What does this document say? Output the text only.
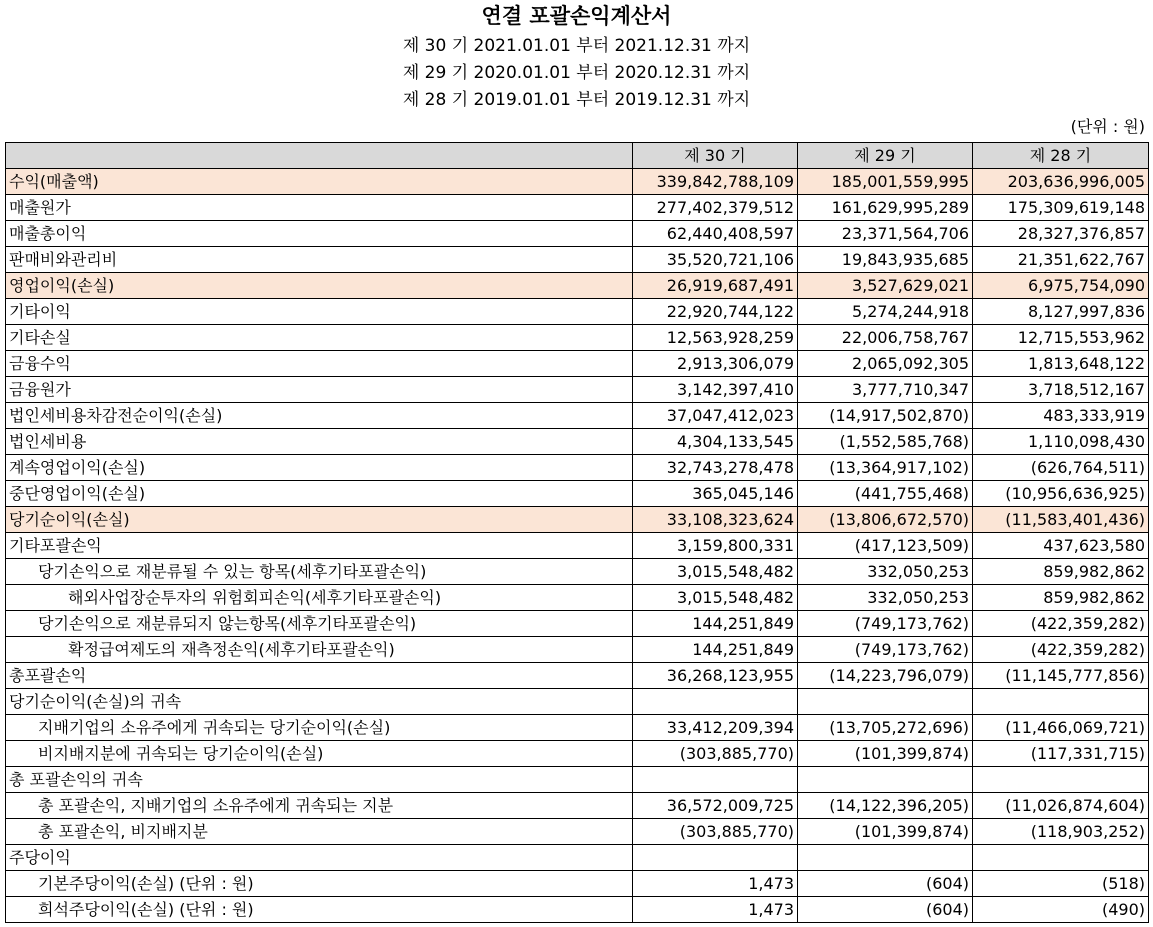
연결 포괄손익계산서
제 30 기 2021.01.01 부터 2021.12.31 까지
제 29 기 2020.01.01 부터 2020.12.31 까지
제 28 기 2019.01.01 부터 2019.12.31 까지
(단위 : 원)
	제 30 기	제 29 기	제 28 기
수익(매출액)	339,842,788,109	185,001,559,995	203,636,996,005
매출원가	277,402,379,512	161,629,995,289	175,309,619,148
매출총이익	62,440,408,597	23,371,564,706	28,327,376,857
판매비와관리비	35,520,721,106	19,843,935,685	21,351,622,767
영업이익(손실)	26,919,687,491	3,527,629,021	6,975,754,090
기타이익	22,920,744,122	5,274,244,918	8,127,997,836
기타손실	12,563,928,259	22,006,758,767	12,715,553,962
금융수익	2,913,306,079	2,065,092,305	1,813,648,122
금융원가	3,142,397,410	3,777,710,347	3,718,512,167
법인세비용차감전순이익(손실)	37,047,412,023	(14,917,502,870)	483,333,919
법인세비용	4,304,133,545	(1,552,585,768)	1,110,098,430
계속영업이익(손실)	32,743,278,478	(13,364,917,102)	(626,764,511)
중단영업이익(손실)	365,045,146	(441,755,468)	(10,956,636,925)
당기순이익(손실)	33,108,323,624	(13,806,672,570)	(11,583,401,436)
기타포괄손익	3,159,800,331	(417,123,509)	437,623,580
당기손익으로 재분류될 수 있는 항목(세후기타포괄손익)	3,015,548,482	332,050,253	859,982,862
해외사업장순투자의 위험회피손익(세후기타포괄손익)	3,015,548,482	332,050,253	859,982,862
당기손익으로 재분류되지 않는항목(세후기타포괄손익)	144,251,849	(749,173,762)	(422,359,282)
확정급여제도의 재측정손익(세후기타포괄손익)	144,251,849	(749,173,762)	(422,359,282)
총포괄손익	36,268,123,955	(14,223,796,079)	(11,145,777,856)
당기순이익(손실)의 귀속			
지배기업의 소유주에게 귀속되는 당기순이익(손실)	33,412,209,394	(13,705,272,696)	(11,466,069,721)
비지배지분에 귀속되는 당기순이익(손실)	(303,885,770)	(101,399,874)	(117,331,715)
총 포괄손익의 귀속			
총 포괄손익, 지배기업의 소유주에게 귀속되는 지분	36,572,009,725	(14,122,396,205)	(11,026,874,604)
총 포괄손익, 비지배지분	(303,885,770)	(101,399,874)	(118,903,252)
주당이익			
기본주당이익(손실) (단위 : 원)	1,473	(604)	(518)
희석주당이익(손실) (단위 : 원)	1,473	(604)	(490)
